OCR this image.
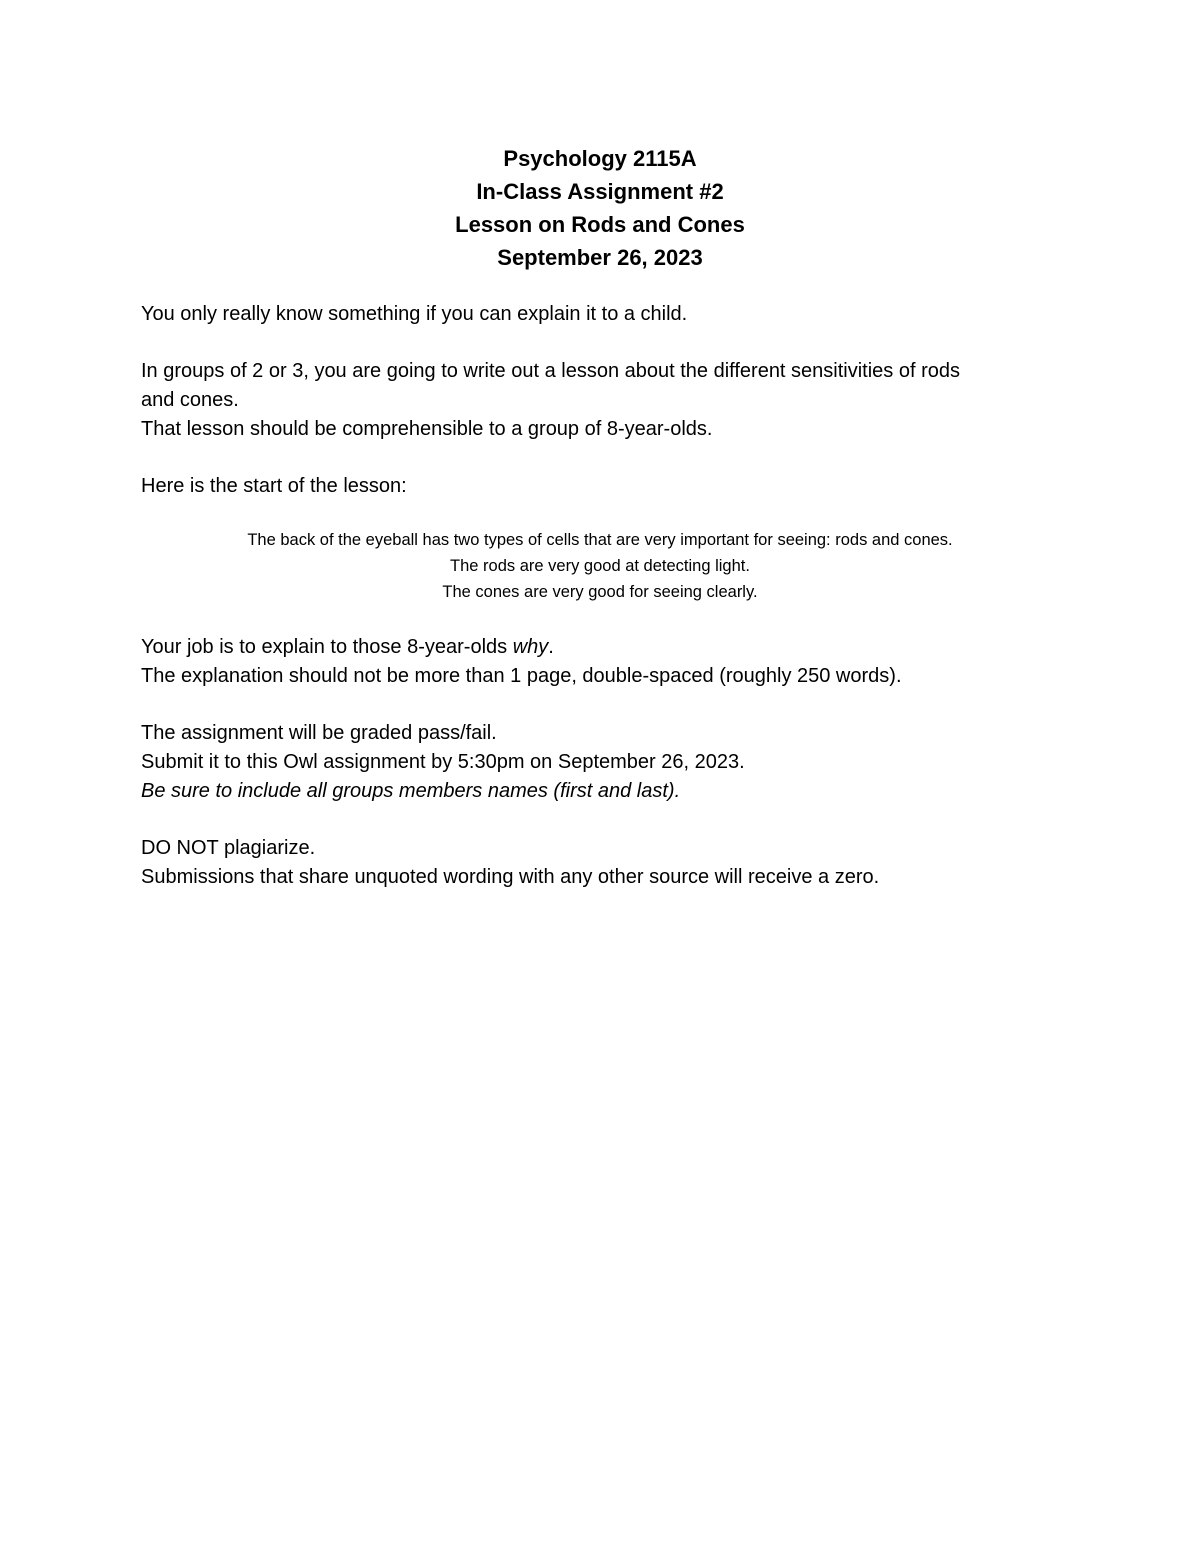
Psychology 2115A
In-Class Assignment #2
Lesson on Rods and Cones
September 26, 2023
You only really know something if you can explain it to a child.
In groups of 2 or 3, you are going to write out a lesson about the different sensitivities of rods
and cones.
That lesson should be comprehensible to a group of 8-year-olds.
Here is the start of the lesson:
The back of the eyeball has two types of cells that are very important for seeing: rods and cones.
The rods are very good at detecting light.
The cones are very good for seeing clearly.
Your job is to explain to those 8-year-olds why.
The explanation should not be more than 1 page, double-spaced (roughly 250 words).
The assignment will be graded pass/fail.
Submit it to this Owl assignment by 5:30pm on September 26, 2023.
Be sure to include all groups members names (first and last).
DO NOT plagiarize.
Submissions that share unquoted wording with any other source will receive a zero.
